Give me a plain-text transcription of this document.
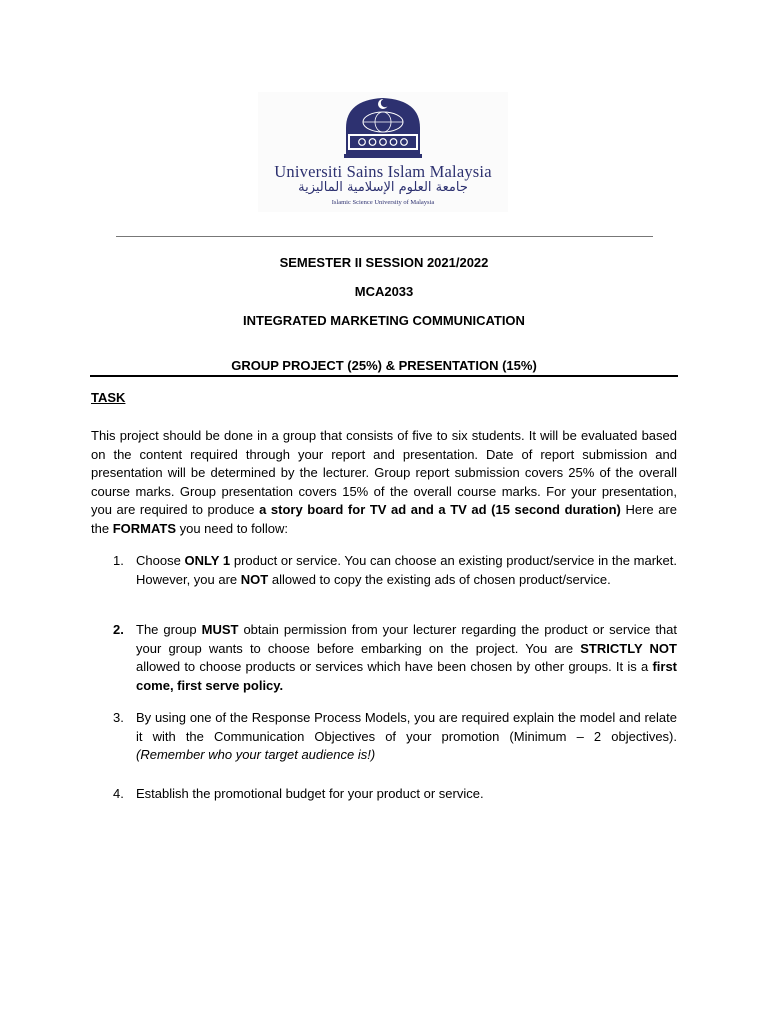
Universiti Sains Islam Malaysia
جامعة العلوم الإسلامية الماليزية
Islamic Science University of Malaysia
SEMESTER II SESSION 2021/2022
MCA2033
INTEGRATED MARKETING COMMUNICATION
GROUP PROJECT (25%) & PRESENTATION (15%)
TASK
This project should be done in a group that consists of five to six students. It will be evaluated based on the content required through your report and presentation. Date of report submission and presentation will be determined by the lecturer. Group report submission covers 25% of the overall course marks. Group presentation covers 15% of the overall course marks. For your presentation, you are required to produce a story board for TV ad and a TV ad (15 second duration) Here are the FORMATS you need to follow:
1. Choose ONLY 1 product or service. You can choose an existing product/service in the market. However, you are NOT allowed to copy the existing ads of chosen product/service.
2. The group MUST obtain permission from your lecturer regarding the product or service that your group wants to choose before embarking on the project. You are STRICTLY NOT allowed to choose products or services which have been chosen by other groups. It is a first come, first serve policy.
3. By using one of the Response Process Models, you are required explain the model and relate it with the Communication Objectives of your promotion (Minimum – 2 objectives). (Remember who your target audience is!)
4. Establish the promotional budget for your product or service.
